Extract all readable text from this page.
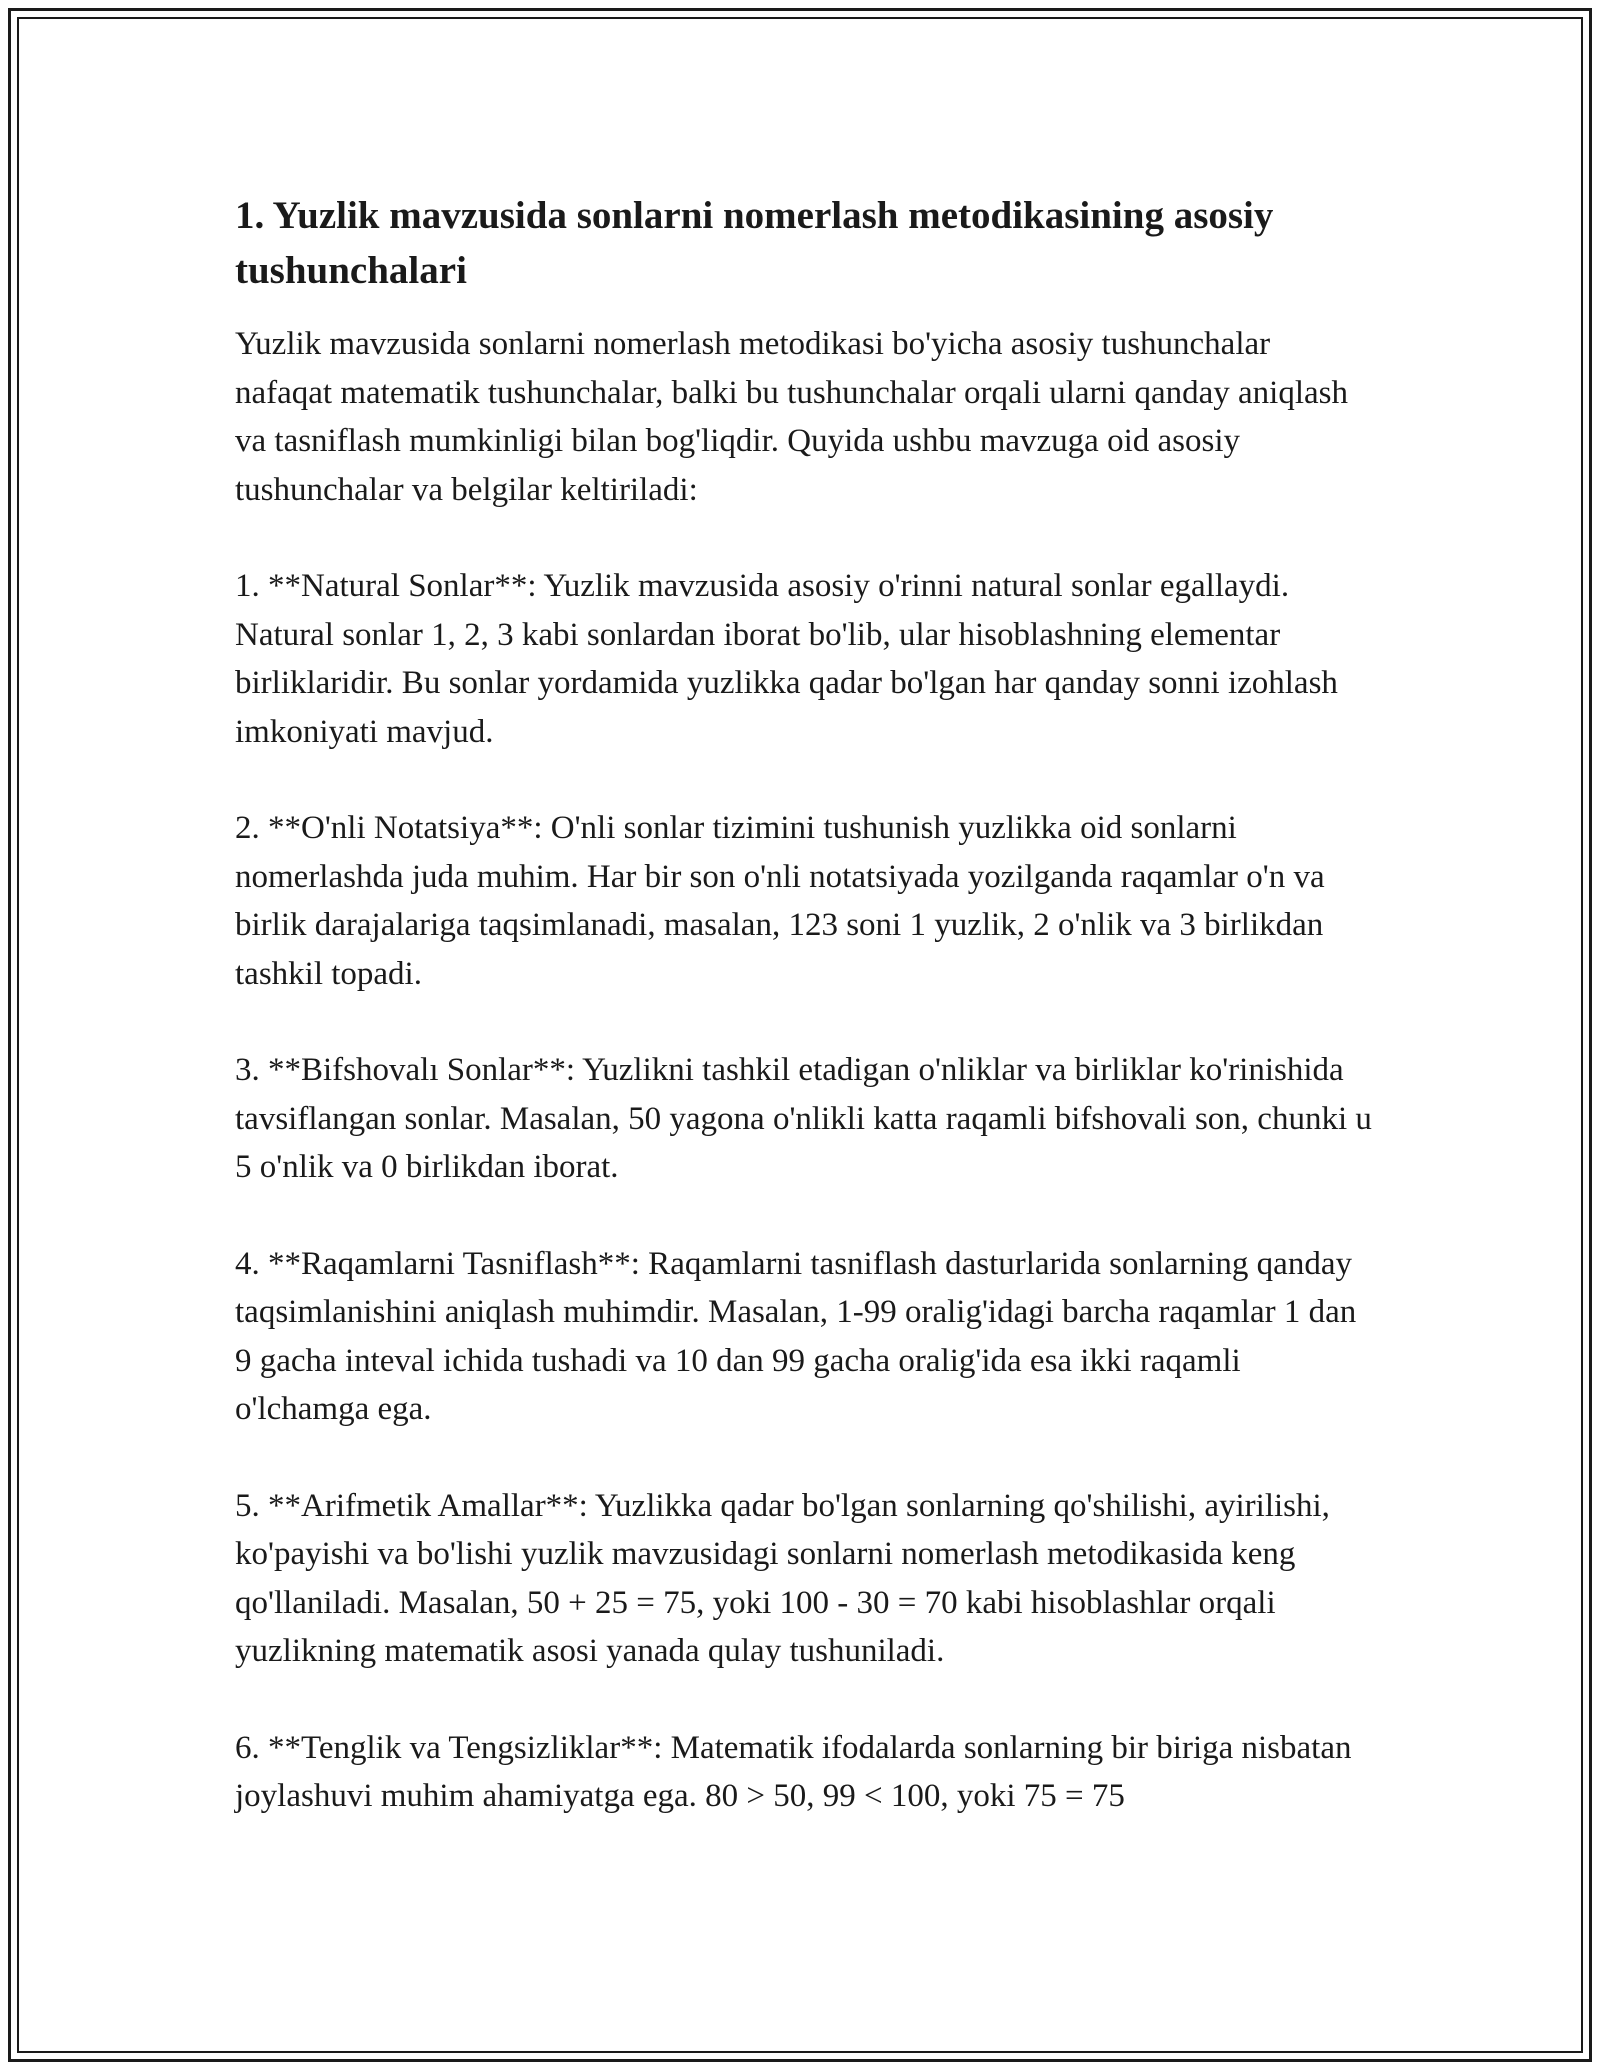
1. Yuzlik mavzusida sonlarni nomerlash metodikasining asosiy tushunchalari

Yuzlik mavzusida sonlarni nomerlash metodikasi bo'yicha asosiy tushunchalar nafaqat matematik tushunchalar, balki bu tushunchalar orqali ularni qanday aniqlash va tasniflash mumkinligi bilan bog'liqdir. Quyida ushbu mavzuga oid asosiy tushunchalar va belgilar keltiriladi:

1. **Natural Sonlar**: Yuzlik mavzusida asosiy o'rinni natural sonlar egallaydi. Natural sonlar 1, 2, 3 kabi sonlardan iborat bo'lib, ular hisoblashning elementar birliklaridir. Bu sonlar yordamida yuzlikka qadar bo'lgan har qanday sonni izohlash imkoniyati mavjud.

2. **O'nli Notatsiya**: O'nli sonlar tizimini tushunish yuzlikka oid sonlarni nomerlashda juda muhim. Har bir son o'nli notatsiyada yozilganda raqamlar o'n va birlik darajalariga taqsimlanadi, masalan, 123 soni 1 yuzlik, 2 o'nlik va 3 birlikdan tashkil topadi.

3. **Bifshovalı Sonlar**: Yuzlikni tashkil etadigan o'nliklar va birliklar ko'rinishida tavsiflangan sonlar. Masalan, 50 yagona o'nlikli katta raqamli bifshovali son, chunki u 5 o'nlik va 0 birlikdan iborat.

4. **Raqamlarni Tasniflash**: Raqamlarni tasniflash dasturlarida sonlarning qanday taqsimlanishini aniqlash muhimdir. Masalan, 1-99 oralig'idagi barcha raqamlar 1 dan 9 gacha inteval ichida tushadi va 10 dan 99 gacha oralig'ida esa ikki raqamli o'lchamga ega.

5. **Arifmetik Amallar**: Yuzlikka qadar bo'lgan sonlarning qo'shilishi, ayirilishi, ko'payishi va bo'lishi yuzlik mavzusidagi sonlarni nomerlash metodikasida keng qo'llaniladi. Masalan, 50 + 25 = 75, yoki 100 - 30 = 70 kabi hisoblashlar orqali yuzlikning matematik asosi yanada qulay tushuniladi.

6. **Tenglik va Tengsizliklar**: Matematik ifodalarda sonlarning bir biriga nisbatan joylashuvi muhim ahamiyatga ega. 80 > 50, 99 < 100, yoki 75 = 75
